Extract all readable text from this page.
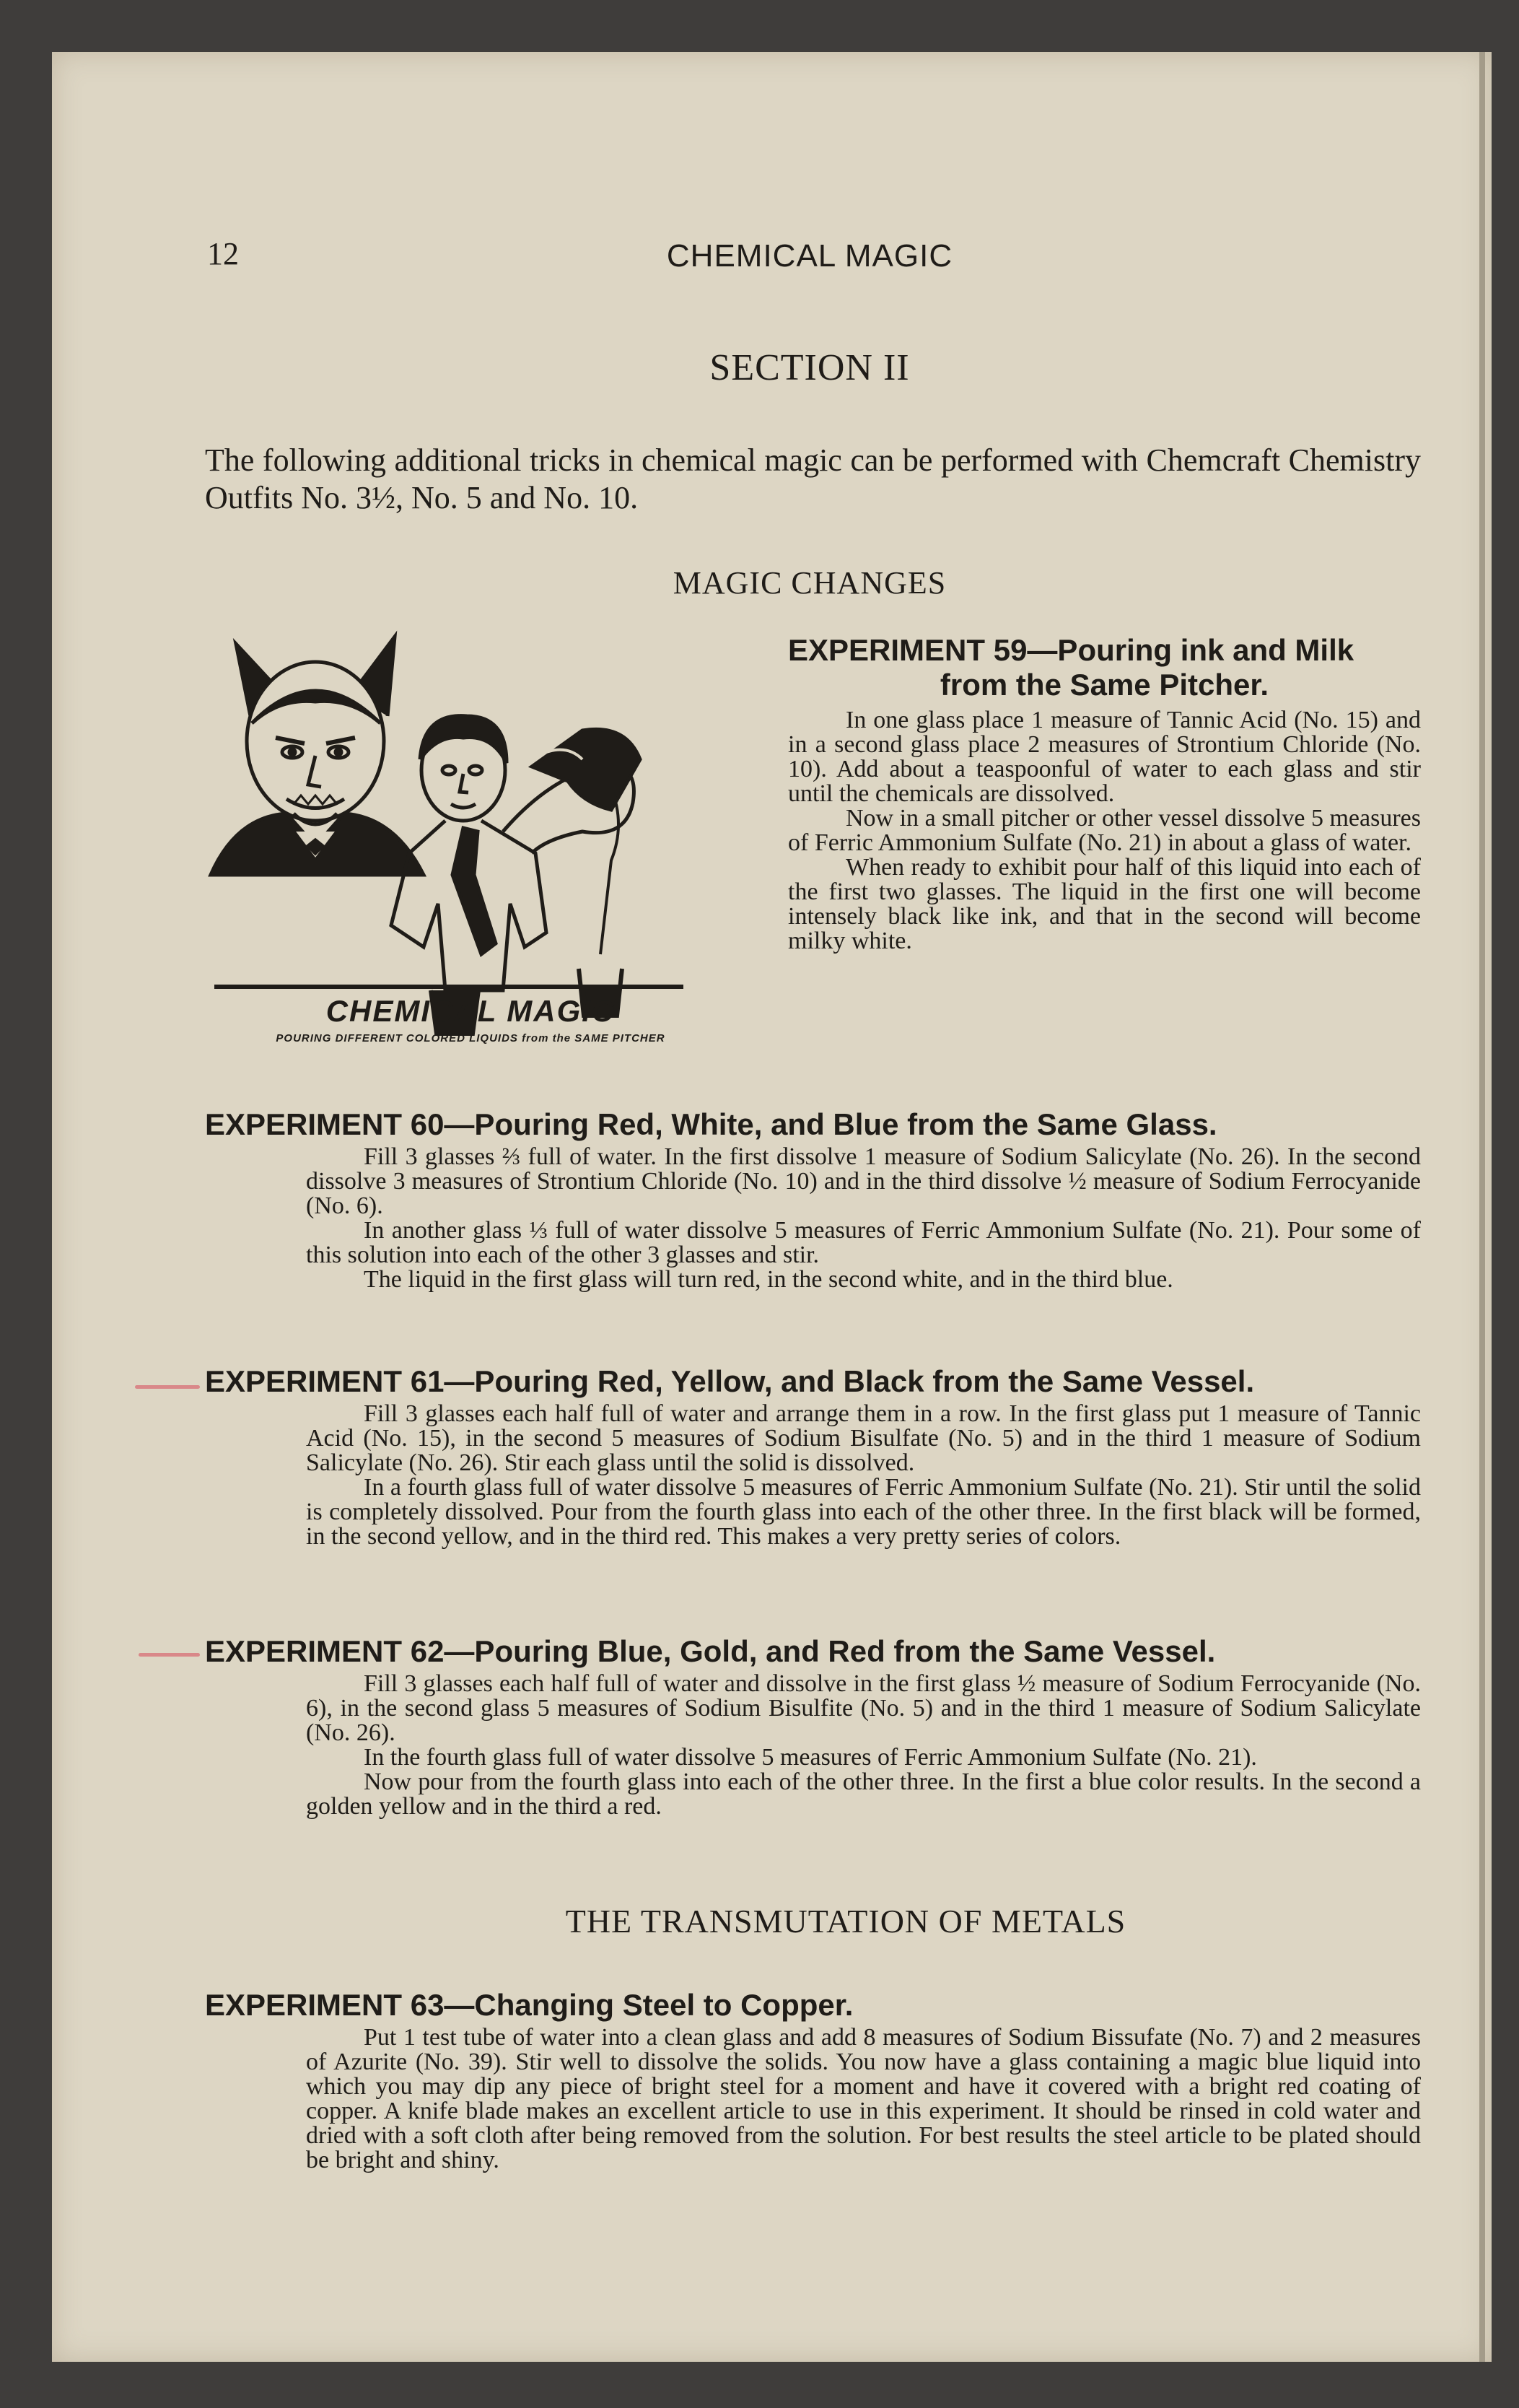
12	CHEMICAL MAGIC
SECTION II
The following additional tricks in chemical magic can be performed with Chemcraft Chemistry Outfits No. 3½, No. 5 and No. 10.
MAGIC CHANGES
CHEMICAL MAGIC
POURING DIFFERENT COLORED LIQUIDS from the SAME PITCHER
EXPERIMENT 59—Pouring ink and Milk
from the Same Pitcher.

In one glass place 1 measure of Tannic Acid (No. 15) and in a second glass place 2 measures of Strontium Chloride (No. 10). Add about a teaspoonful of water to each glass and stir until the chemicals are dissolved.

Now in a small pitcher or other vessel dissolve 5 measures of Ferric Ammonium Sulfate (No. 21) in about a glass of water.

When ready to exhibit pour half of this liquid into each of the first two glasses. The liquid in the first one will become intensely black like ink, and that in the second will become milky white.

EXPERIMENT 60—Pouring Red, White, and Blue from the Same Glass.

Fill 3 glasses ⅔ full of water. In the first dissolve 1 measure of Sodium Salicylate (No. 26). In the second dissolve 3 measures of Strontium Chloride (No. 10) and in the third dissolve ½ measure of Sodium Ferrocyanide (No. 6).

In another glass ⅓ full of water dissolve 5 measures of Ferric Ammonium Sulfate (No. 21). Pour some of this solution into each of the other 3 glasses and stir.

The liquid in the first glass will turn red, in the second white, and in the third blue.

EXPERIMENT 61—Pouring Red, Yellow, and Black from the Same Vessel.

Fill 3 glasses each half full of water and arrange them in a row. In the first glass put 1 measure of Tannic Acid (No. 15), in the second 5 measures of Sodium Bisulfate (No. 5) and in the third 1 measure of Sodium Salicylate (No. 26). Stir each glass until the solid is dissolved.

In a fourth glass full of water dissolve 5 measures of Ferric Ammonium Sulfate (No. 21). Stir until the solid is completely dissolved. Pour from the fourth glass into each of the other three. In the first black will be formed, in the second yellow, and in the third red. This makes a very pretty series of colors.

EXPERIMENT 62—Pouring Blue, Gold, and Red from the Same Vessel.

Fill 3 glasses each half full of water and dissolve in the first glass ½ measure of Sodium Ferrocyanide (No. 6), in the second glass 5 measures of Sodium Bisulfite (No. 5) and in the third 1 measure of Sodium Salicylate (No. 26).

In the fourth glass full of water dissolve 5 measures of Ferric Ammonium Sulfate (No. 21).

Now pour from the fourth glass into each of the other three. In the first a blue color results. In the second a golden yellow and in the third a red.

THE TRANSMUTATION OF METALS
EXPERIMENT 63—Changing Steel to Copper.

Put 1 test tube of water into a clean glass and add 8 measures of Sodium Bissufate (No. 7) and 2 measures of Azurite (No. 39). Stir well to dissolve the solids. You now have a glass containing a magic blue liquid into which you may dip any piece of bright steel for a moment and have it covered with a bright red coating of copper. A knife blade makes an excellent article to use in this experiment. It should be rinsed in cold water and dried with a soft cloth after being removed from the solution. For best results the steel article to be plated should be bright and shiny.
